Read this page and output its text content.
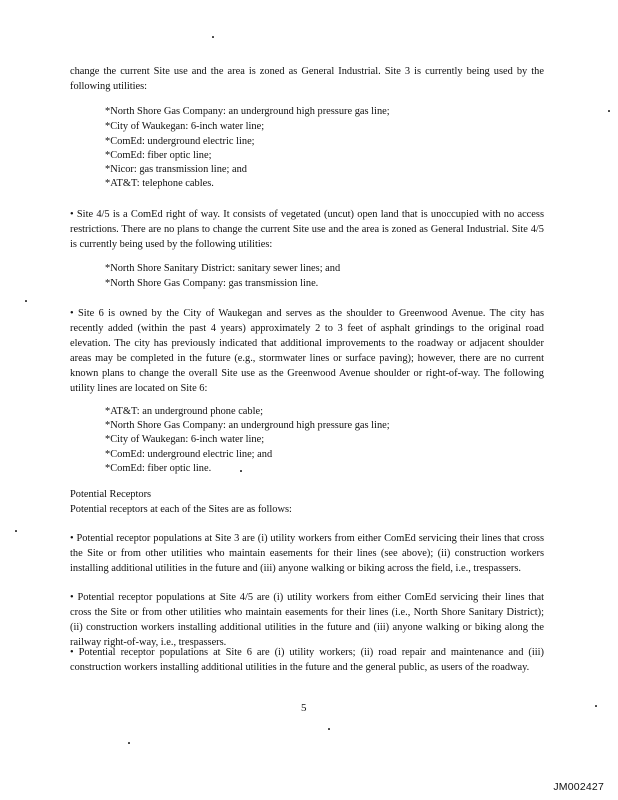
change the current Site use and the area is zoned as General Industrial. Site 3 is currently being used by the following utilities:
*North Shore Gas Company: an underground high pressure gas line;
*City of Waukegan: 6-inch water line;
*ComEd: underground electric line;
*ComEd: fiber optic line;
*Nicor: gas transmission line; and
*AT&T: telephone cables.
• Site 4/5 is a ComEd right of way. It consists of vegetated (uncut) open land that is unoccupied with no access restrictions. There are no plans to change the current Site use and the area is zoned as General Industrial. Site 4/5 is currently being used by the following utilities:
*North Shore Sanitary District: sanitary sewer lines; and
*North Shore Gas Company: gas transmission line.
• Site 6 is owned by the City of Waukegan and serves as the shoulder to Greenwood Avenue. The city has recently added (within the past 4 years) approximately 2 to 3 feet of asphalt grindings to the original road elevation. The city has previously indicated that additional improvements to the roadway or adjacent shoulder areas may be completed in the future (e.g., stormwater lines or surface paving); however, there are no current known plans to change the overall Site use as the Greenwood Avenue shoulder or right-of-way. The following utility lines are located on Site 6:
*AT&T: an underground phone cable;
*North Shore Gas Company: an underground high pressure gas line;
*City of Waukegan: 6-inch water line;
*ComEd: underground electric line; and
*ComEd: fiber optic line.
Potential Receptors
Potential receptors at each of the Sites are as follows:
• Potential receptor populations at Site 3 are (i) utility workers from either ComEd servicing their lines that cross the Site or from other utilities who maintain easements for their lines (see above); (ii) construction workers installing additional utilities in the future and (iii) anyone walking or biking across the field, i.e., trespassers.
• Potential receptor populations at Site 4/5 are (i) utility workers from either ComEd servicing their lines that cross the Site or from other utilities who maintain easements for their lines (i.e., North Shore Sanitary District); (ii) construction workers installing additional utilities in the future and (iii) anyone walking or biking along the railway right-of-way, i.e., trespassers.
• Potential receptor populations at Site 6 are (i) utility workers; (ii) road repair and maintenance and (iii) construction workers installing additional utilities in the future and the general public, as users of the roadway.
5
JM002427
